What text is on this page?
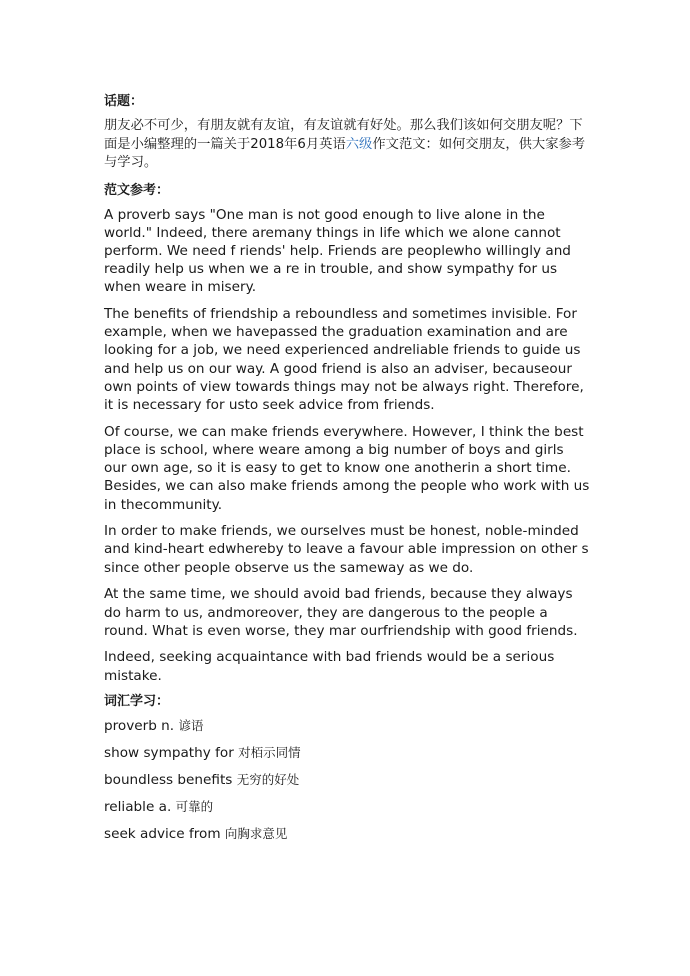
话题：
朋友必不可少，有朋友就有友谊，有友谊就有好处。那么我们该如何交朋友呢？下面是小编整理的一篇关于2018年6月英语六级作文范文：如何交朋友，供大家参考与学习。
范文参考：

A proverb says "One man is not good enough to live alone in the world." Indeed, there aremany things in life which we alone cannot perform. We need f riends' help. Friends are peoplewho willingly and readily help us when we a re in trouble, and show sympathy for us when weare in misery.

The benefits of friendship a reboundless and sometimes invisible. For example, when we havepassed the graduation examination and are looking for a job, we need experienced andreliable friends to guide us and help us on our way. A good friend is also an adviser, becauseour own points of view towards things may not be always right. Therefore, it is necessary for usto seek advice from friends.

Of course, we can make friends everywhere. However, I think the best place is school, where weare among a big number of boys and girls our own age, so it is easy to get to know one anotherin a short time. Besides, we can also make friends among the people who work with us in thecommunity.

In order to make friends, we ourselves must be honest, noble-minded and kind-heart edwhereby to leave a favour able impression on other s since other people observe us the sameway as we do.

At the same time, we should avoid bad friends, because they always do harm to us, andmoreover, they are dangerous to the people a round. What is even worse, they mar ourfriendship with good friends.

Indeed, seeking acquaintance with bad friends would be a serious mistake.

词汇学习：
proverb n. 谚语
show sympathy for 对栢示同情
boundless benefits 无穷的好处
reliable a. 可靠的
seek advice from 向胸求意见
